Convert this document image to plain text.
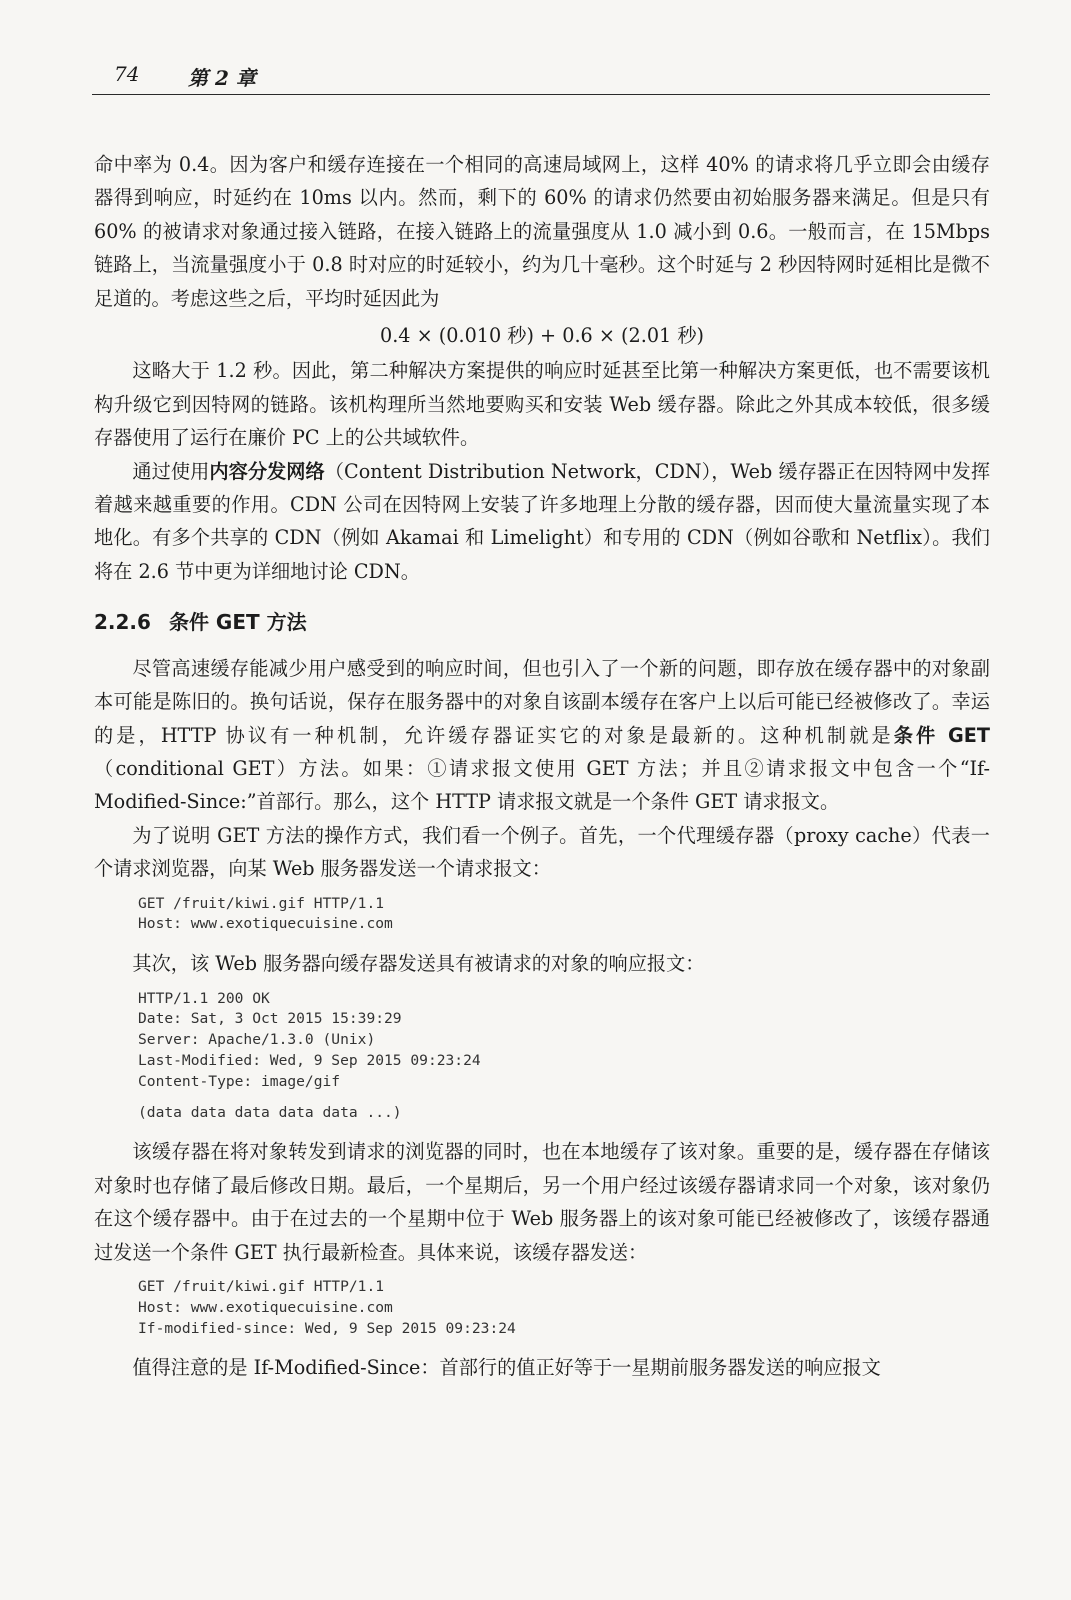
74 第 2 章

命中率为 0.4。因为客户和缓存连接在一个相同的高速局域网上，这样 40% 的请求将几乎立即会由缓存器得到响应，时延约在 10ms 以内。然而，剩下的 60% 的请求仍然要由初始服务器来满足。但是只有 60% 的被请求对象通过接入链路，在接入链路上的流量强度从 1.0 减小到 0.6。一般而言，在 15Mbps 链路上，当流量强度小于 0.8 时对应的时延较小，约为几十毫秒。这个时延与 2 秒因特网时延相比是微不足道的。考虑这些之后，平均时延因此为

0.4 × (0.010 秒) + 0.6 × (2.01 秒)

这略大于 1.2 秒。因此，第二种解决方案提供的响应时延甚至比第一种解决方案更低，也不需要该机构升级它到因特网的链路。该机构理所当然地要购买和安装 Web 缓存器。除此之外其成本较低，很多缓存器使用了运行在廉价 PC 上的公共域软件。

通过使用内容分发网络（Content Distribution Network，CDN），Web 缓存器正在因特网中发挥着越来越重要的作用。CDN 公司在因特网上安装了许多地理上分散的缓存器，因而使大量流量实现了本地化。有多个共享的 CDN（例如 Akamai 和 Limelight）和专用的 CDN（例如谷歌和 Netflix）。我们将在 2.6 节中更为详细地讨论 CDN。

2.2.6 条件 GET 方法

尽管高速缓存能减少用户感受到的响应时间，但也引入了一个新的问题，即存放在缓存器中的对象副本可能是陈旧的。换句话说，保存在服务器中的对象自该副本缓存在客户上以后可能已经被修改了。幸运的是，HTTP 协议有一种机制，允许缓存器证实它的对象是最新的。这种机制就是条件 GET（conditional GET）方法。如果：①请求报文使用 GET 方法；并且②请求报文中包含一个“If-Modified-Since:”首部行。那么，这个 HTTP 请求报文就是一个条件 GET 请求报文。

为了说明 GET 方法的操作方式，我们看一个例子。首先，一个代理缓存器（proxy cache）代表一个请求浏览器，向某 Web 服务器发送一个请求报文：

GET /fruit/kiwi.gif HTTP/1.1
Host: www.exotiquecuisine.com

其次，该 Web 服务器向缓存器发送具有被请求的对象的响应报文：

HTTP/1.1 200 OK
Date: Sat, 3 Oct 2015 15:39:29
Server: Apache/1.3.0 (Unix)
Last-Modified: Wed, 9 Sep 2015 09:23:24
Content-Type: image/gif
(data data data data data ...)

该缓存器在将对象转发到请求的浏览器的同时，也在本地缓存了该对象。重要的是，缓存器在存储该对象时也存储了最后修改日期。最后，一个星期后，另一个用户经过该缓存器请求同一个对象，该对象仍在这个缓存器中。由于在过去的一个星期中位于 Web 服务器上的该对象可能已经被修改了，该缓存器通过发送一个条件 GET 执行最新检查。具体来说，该缓存器发送：

GET /fruit/kiwi.gif HTTP/1.1
Host: www.exotiquecuisine.com
If-modified-since: Wed, 9 Sep 2015 09:23:24

值得注意的是 If-Modified-Since：首部行的值正好等于一星期前服务器发送的响应报文
